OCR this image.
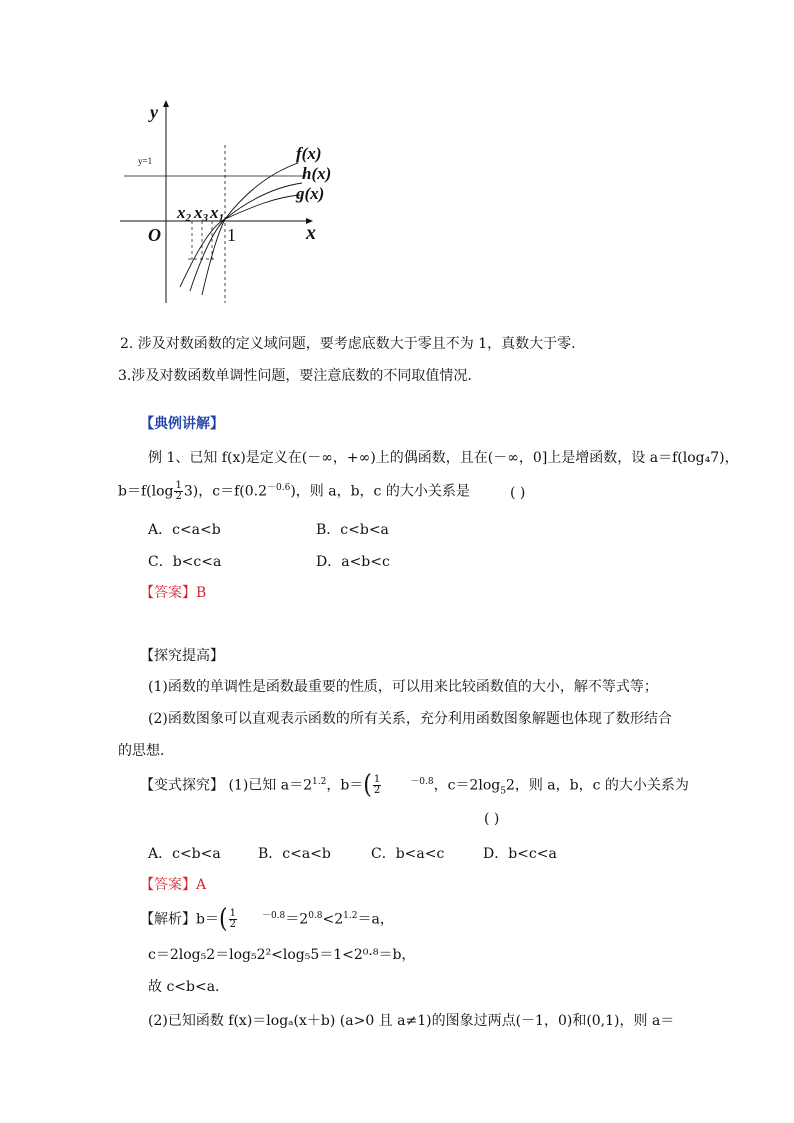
y
x
O	1
y=1	f(x)
h(x)
g(x)
x2 x3 x1
2. 涉及对数函数的定义域问题，要考虑底数大于零且不为 1，真数大于零.
3.涉及对数函数单调性问题，要注意底数的不同取值情况.
【典例讲解】
例 1、已知 f(x)是定义在(－∞，+∞)上的偶函数，且在(－∞，0]上是增函数，设 a＝f(log₄7)，
$b=f(\log \frac{1}{2} 3)$，$c=f(0.2^{-0.6})$，则 a，b，c 的大小关系是	( )
A．c<a<b	B．c<b<a
C．b<c<a	D．a<b<c
【答案】B
【探究提高】
(1)函数的单调性是函数最重要的性质，可以用来比较函数值的大小，解不等式等；
(2)函数图象可以直观表示函数的所有关系，充分利用函数图象解题也体现了数形结合
的思想．
【变式探究】 (1)已知 $a=2^{1.2}$，$b=( \frac{1}{2}$	$^{-0.8}$，$c=2\log_52$，则 a，b，c 的大小关系为
( )
A．c<b<a	B．c<a<b	C．b<a<c	D．b<c<a
【答案】A
【解析】$b=( \frac{1}{2}$	$^{-0.8}=2^{0.8}<2^{1.2}=a$，
c＝2log₅2＝log₅2²<log₅5＝1<2⁰·⁸＝b，
故 c<b<a.
(2)已知函数 f(x)＝logₐ(x＋b) (a>0 且 a≠1)的图象过两点(－1，0)和(0,1)，则 a＝
